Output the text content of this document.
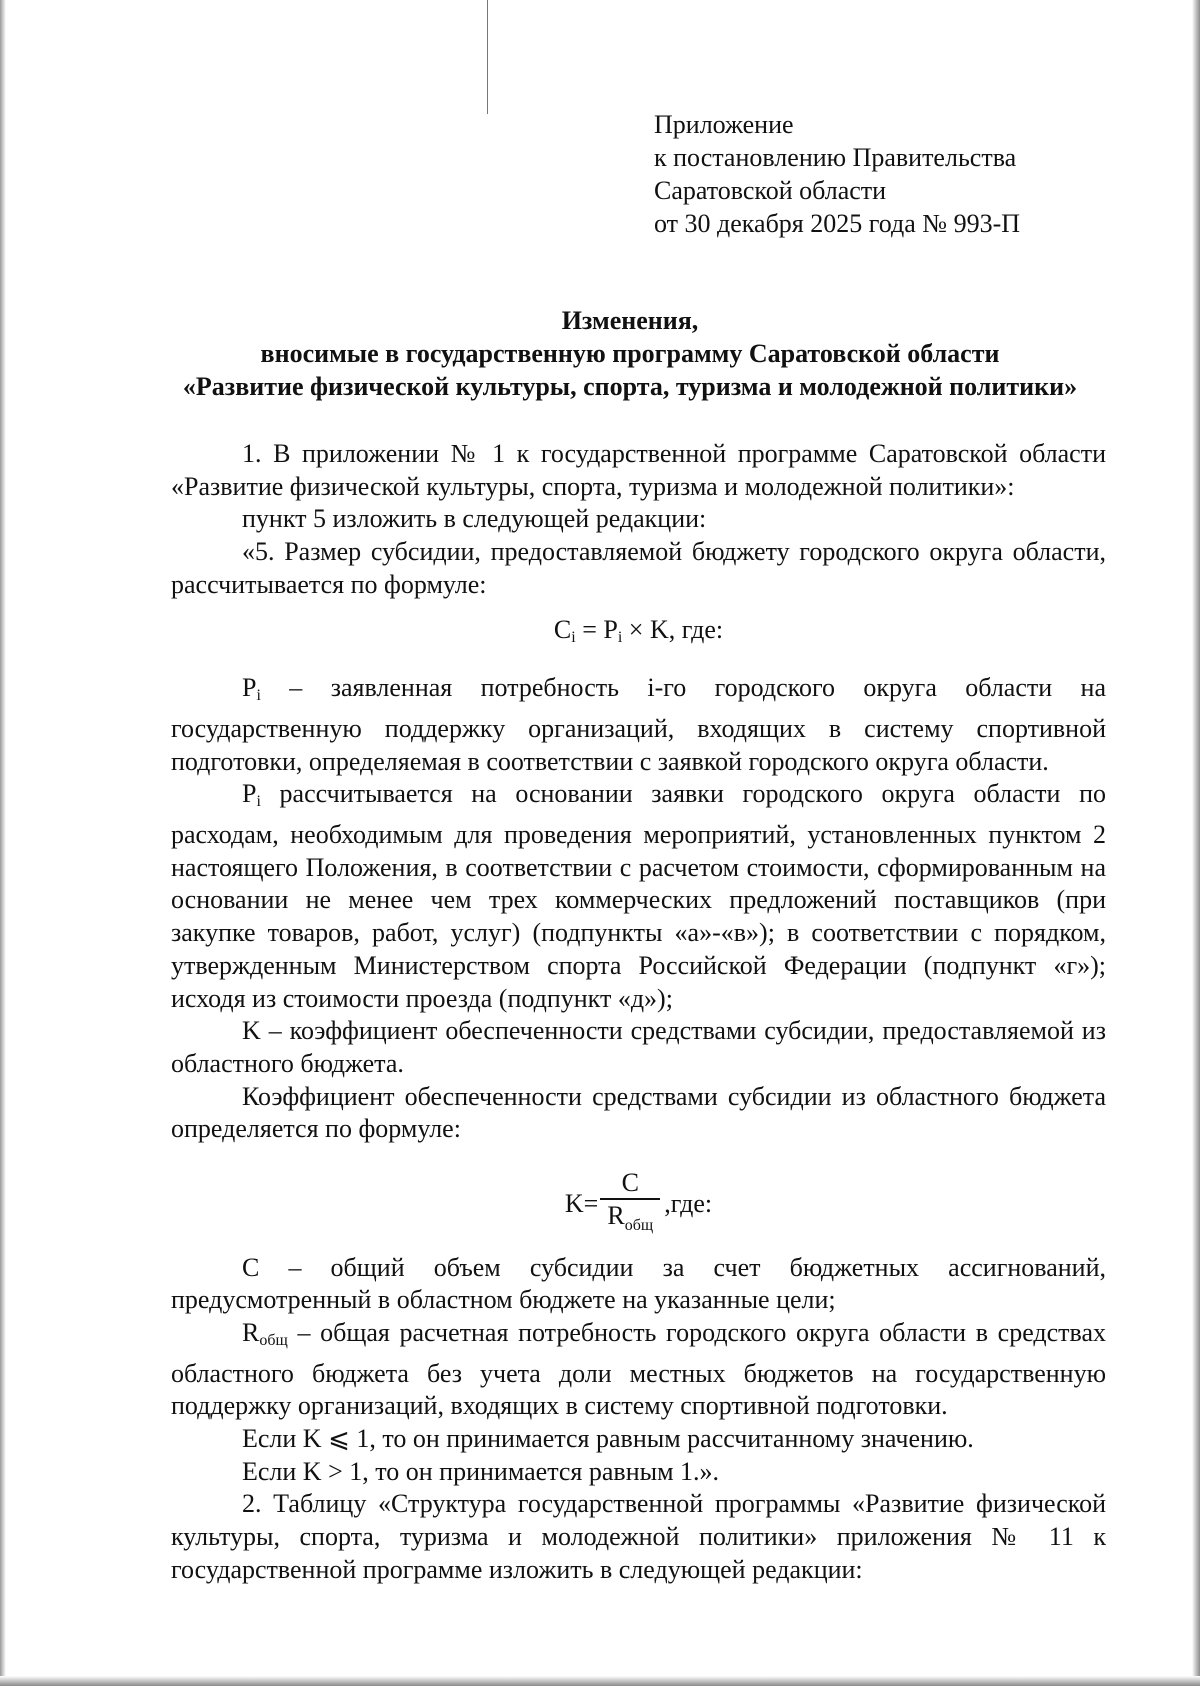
Приложение
к постановлению Правительства
Саратовской области
от 30 декабря 2025 года № 993-П
Изменения,
вносимые в государственную программу Саратовской области
«Развитие физической культуры, спорта, туризма и молодежной политики»

1. В приложении № 1 к государственной программе Саратовской области «Развитие физической культуры, спорта, туризма и молодежной политики»:

пункт 5 изложить в следующей редакции:

«5. Размер субсидии, предоставляемой бюджету городского округа области, рассчитывается по формуле:

$C_i = P_i \times K$, где:

$P_i$ – заявленная потребность i-го городского округа области на государственную поддержку организаций, входящих в систему спортивной подготовки, определяемая в соответствии с заявкой городского округа области.

$P_i$ рассчитывается на основании заявки городского округа области по расходам, необходимым для проведения мероприятий, установленных пунктом 2 настоящего Положения, в соответствии с расчетом стоимости, сформированным на основании не менее чем трех коммерческих предложений поставщиков (при закупке товаров, работ, услуг) (подпункты «а»-«в»); в соответствии с порядком, утвержденным Министерством спорта Российской Федерации (подпункт «г»); исходя из стоимости проезда (подпункт «д»);

K – коэффициент обеспеченности средствами субсидии, предоставляемой из областного бюджета.

Коэффициент обеспеченности средствами субсидии из областного бюджета определяется по формуле:

$K= \frac{C}{R_{общ}} ,где$:

C – общий объем субсидии за счет бюджетных ассигнований, предусмотренный в областном бюджете на указанные цели;

$R_{общ}$ – общая расчетная потребность городского округа области в средствах областного бюджета без учета доли местных бюджетов на государственную поддержку организаций, входящих в систему спортивной подготовки.

Если K ⩽ 1, то он принимается равным рассчитанному значению.

Если K > 1, то он принимается равным 1.».

2. Таблицу «Структура государственной программы «Развитие физической культуры, спорта, туризма и молодежной политики» приложения № 11 к государственной программе изложить в следующей редакции:
